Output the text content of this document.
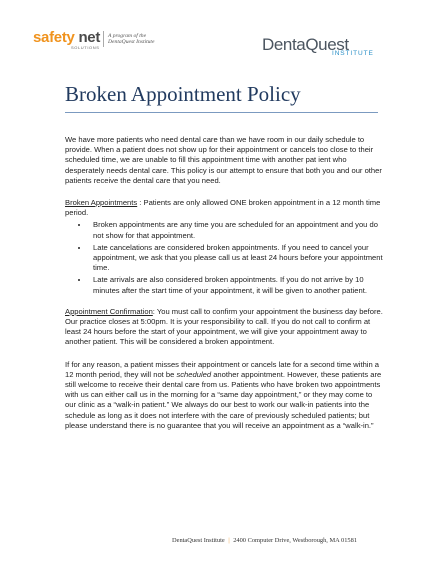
safety net
SOLUTIONS
A program of the
DentaQuest Institute	DentaQuest
INSTITUTE
Broken Appointment Policy

We have more patients who need dental care than we have room in our daily schedule to provide. When a patient does not show up for their appointment or cancels too close to their scheduled time, we are unable to fill this appointment time with another pat ient who desperately needs dental care. This policy is our attempt to ensure that both you and our other patients receive the dental care that you need.

Broken Appointments : Patients are only allowed ONE broken appointment in a 12 month time period.

• Broken appointments are any time you are scheduled for an appointment and you do not show for that appointment.
• Late cancelations are considered broken appointments. If you need to cancel your appointment, we ask that you please call us at least 24 hours before your appointment time.
• Late arrivals are also considered broken appointments. If you do not arrive by 10 minutes after the start time of your appointment, it will be given to another patient.

Appointment Confirmation: You must call to confirm your appointment the business day before. Our practice closes at 5:00pm. It is your responsibility to call. If you do not call to confirm at least 24 hours before the start of your appointment, we will give your appointment away to another patient. This will be considered a broken appointment.

If for any reason, a patient misses their appointment or cancels late for a second time within a 12 month period, they will not be scheduled another appointment. However, these patients are still welcome to receive their dental care from us. Patients who have broken two appointments with us can either call us in the morning for a “same day appointment,” or they may come to our clinic as a “walk-in patient.” We always do our best to work our walk-in patients into the schedule as long as it does not interfere with the care of previously scheduled patients; but please understand there is no guarantee that you will receive an appointment as a “walk-in.”

DentaQuest Institute | 2400 Computer Drive, Westborough, MA 01581
